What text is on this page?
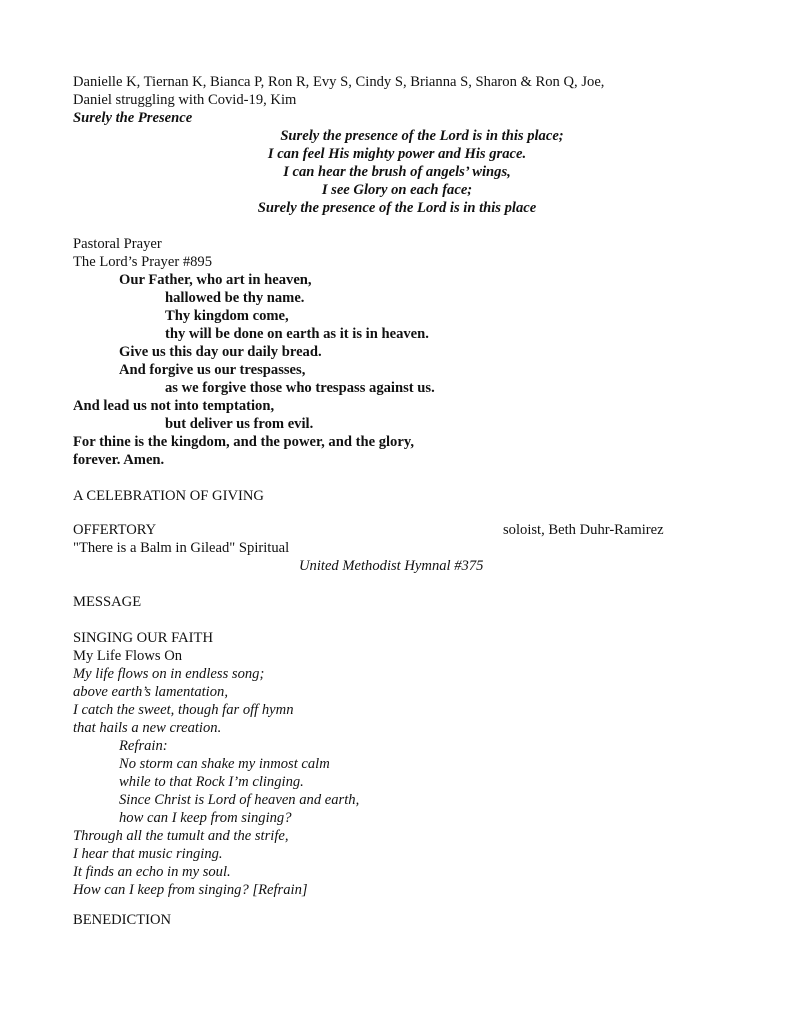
Danielle K, Tiernan K, Bianca P, Ron R, Evy S, Cindy S, Brianna S, Sharon & Ron Q, Joe,
Daniel struggling with Covid-19, Kim
Surely the Presence
Surely the presence of the Lord is in this place;
I can feel His mighty power and His grace.
I can hear the brush of angels’ wings,
I see Glory on each face;
Surely the presence of the Lord is in this place
Pastoral Prayer
The Lord’s Prayer #895
Our Father, who art in heaven,
hallowed be thy name.
Thy kingdom come,
thy will be done on earth as it is in heaven.
Give us this day our daily bread.
And forgive us our trespasses,
as we forgive those who trespass against us.
And lead us not into temptation,
but deliver us from evil.
For thine is the kingdom, and the power, and the glory,
forever. Amen.
A CELEBRATION OF GIVING
OFFERTORY	soloist, Beth Duhr-Ramirez
"There is a Balm in Gilead" Spiritual
United Methodist Hymnal #375
MESSAGE
SINGING OUR FAITH
My Life Flows On
My life flows on in endless song;
above earth’s lamentation,
I catch the sweet, though far off hymn
that hails a new creation.
Refrain:
No storm can shake my inmost calm
while to that Rock I’m clinging.
Since Christ is Lord of heaven and earth,
how can I keep from singing?
Through all the tumult and the strife,
I hear that music ringing.
It finds an echo in my soul.
How can I keep from singing? [Refrain]
BENEDICTION
